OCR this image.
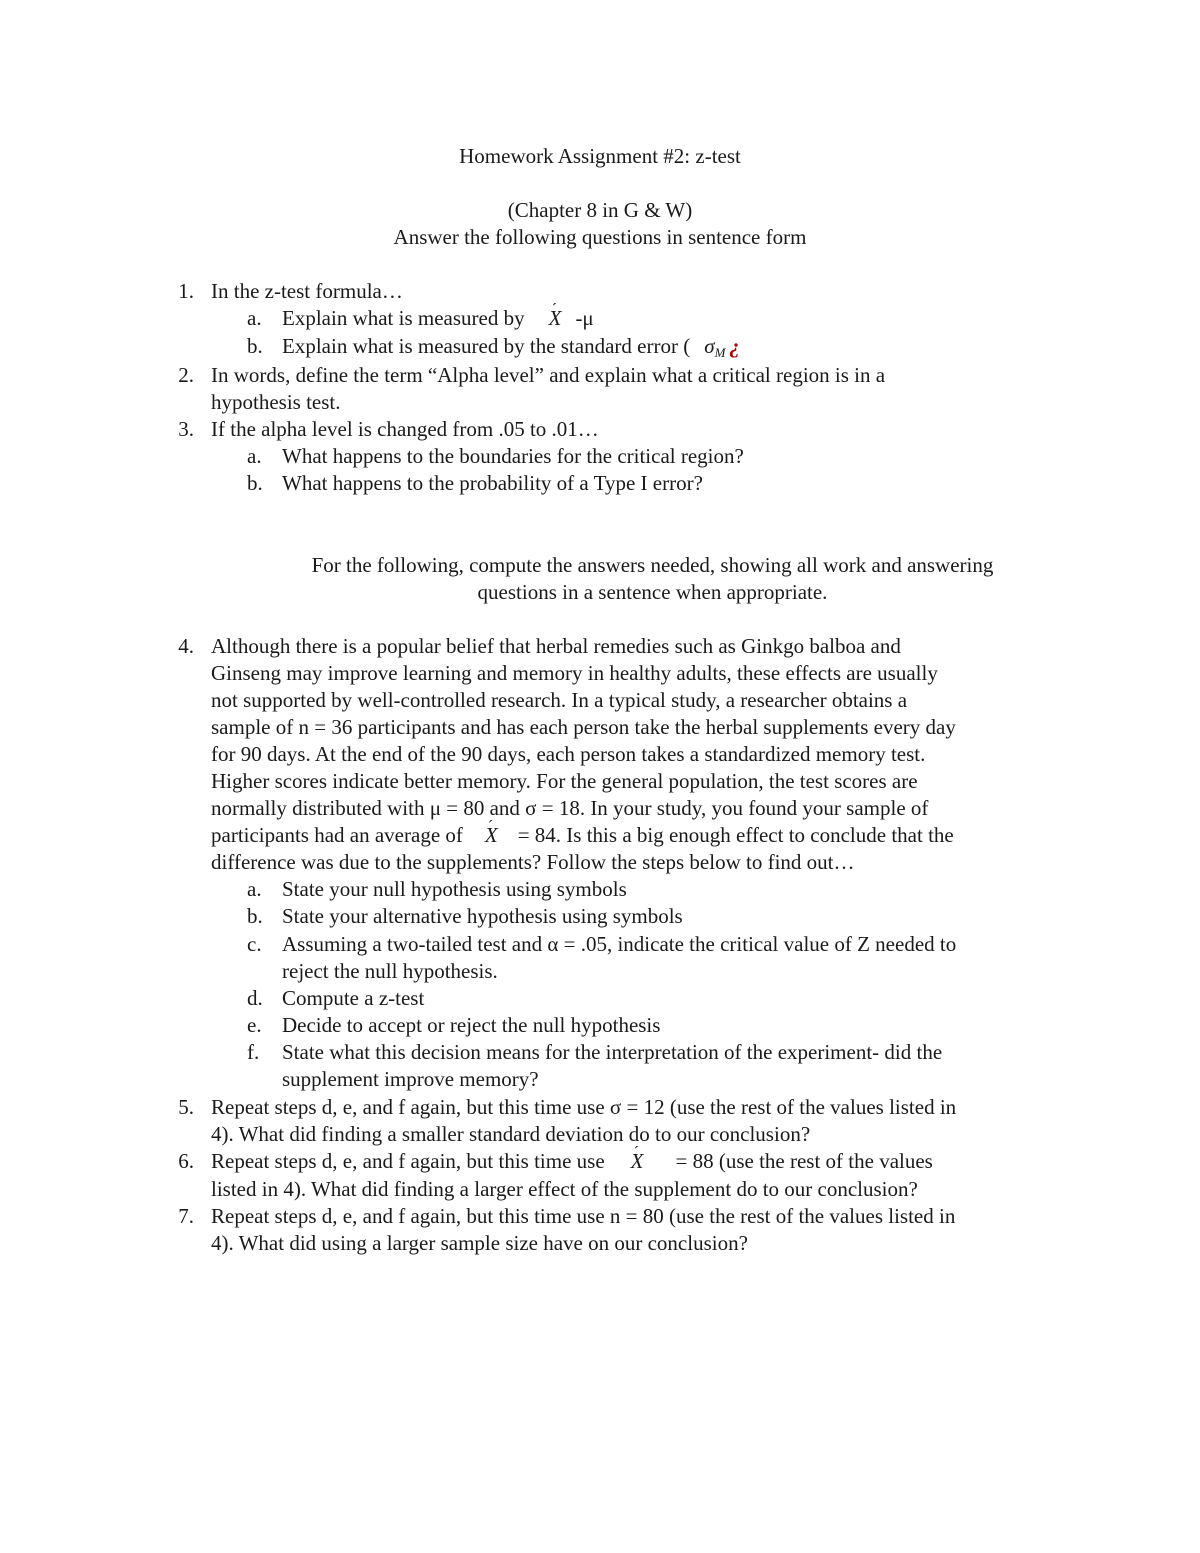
Homework Assignment #2: z-test
(Chapter 8 in G & W)
Answer the following questions in sentence form
1. In the z-test formula…
a. Explain what is measured by ´ X -μ
b. Explain what is measured by the standard error ( $\sigma_M$ ¿
2. In words, define the term “Alpha level” and explain what a critical region is in a
hypothesis test.
3. If the alpha level is changed from .05 to .01…
a. What happens to the boundaries for the critical region?
b. What happens to the probability of a Type I error?
For the following, compute the answers needed, showing all work and answering
questions in a sentence when appropriate.
4. Although there is a popular belief that herbal remedies such as Ginkgo balboa and
Ginseng may improve learning and memory in healthy adults, these effects are usually
not supported by well-controlled research. In a typical study, a researcher obtains a
sample of n = 36 participants and has each person take the herbal supplements every day
for 90 days. At the end of the 90 days, each person takes a standardized memory test.
Higher scores indicate better memory. For the general population, the test scores are
normally distributed with μ = 80 and σ = 18. In your study, you found your sample of
participants had an average of ´ X = 84. Is this a big enough effect to conclude that the
difference was due to the supplements? Follow the steps below to find out…
a. State your null hypothesis using symbols
b. State your alternative hypothesis using symbols
c. Assuming a two-tailed test and α = .05, indicate the critical value of Z needed to
reject the null hypothesis.
d. Compute a z-test
e. Decide to accept or reject the null hypothesis
f. State what this decision means for the interpretation of the experiment- did the
supplement improve memory?
5. Repeat steps d, e, and f again, but this time use σ = 12 (use the rest of the values listed in
4). What did finding a smaller standard deviation do to our conclusion?
6. Repeat steps d, e, and f again, but this time use ´ X = 88 (use the rest of the values
listed in 4). What did finding a larger effect of the supplement do to our conclusion?
7. Repeat steps d, e, and f again, but this time use n = 80 (use the rest of the values listed in
4). What did using a larger sample size have on our conclusion?
